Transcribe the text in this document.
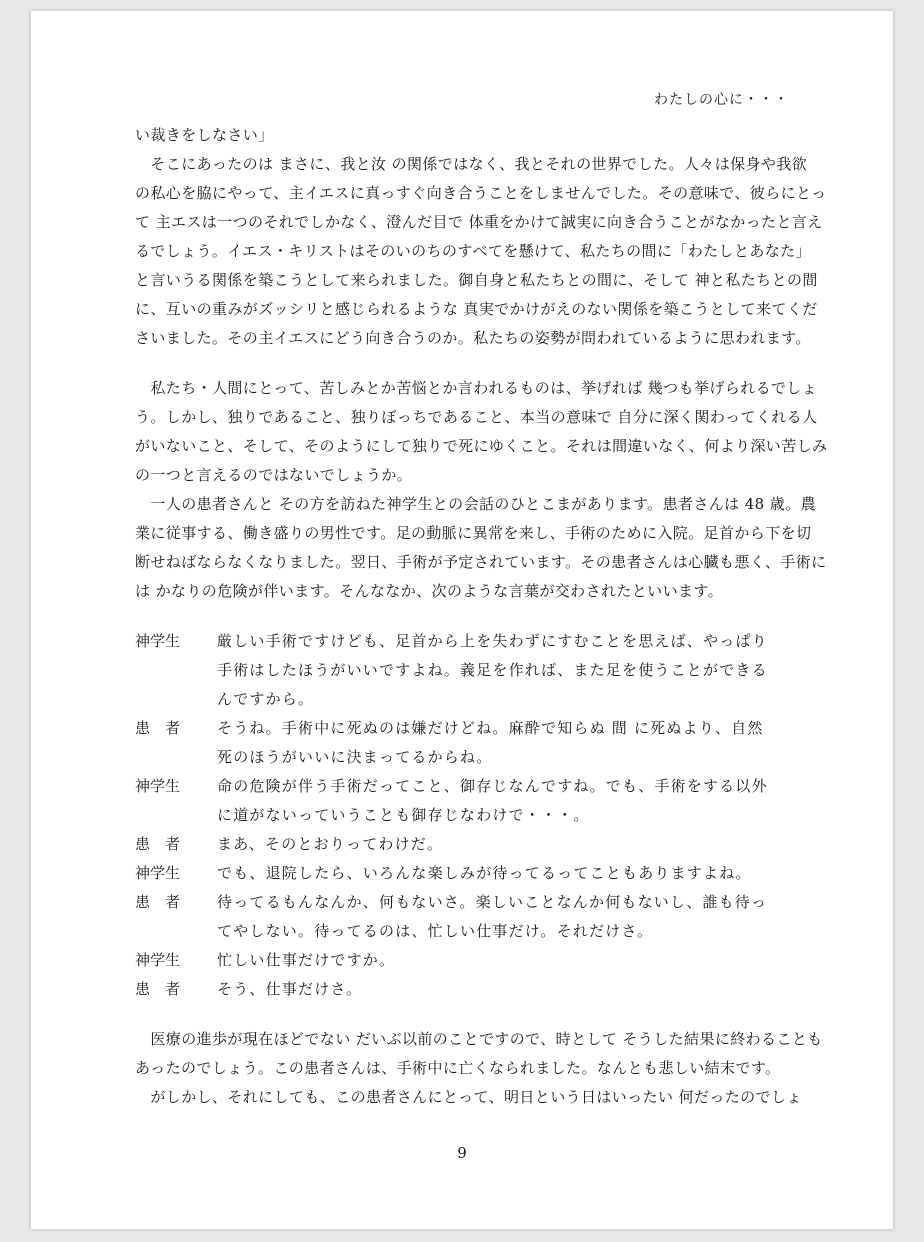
わたしの心に・・・
い裁きをしなさい」
　そこにあったのは まさに、我と汝 の関係ではなく、我とそれの世界でした。人々は保身や我欲
の私心を脇にやって、主イエスに真っすぐ向き合うことをしませんでした。その意味で、彼らにとっ
て 主エスは一つのそれでしかなく、澄んだ目で 体重をかけて誠実に向き合うことがなかったと言え
るでしょう。イエス・キリストはそのいのちのすべてを懸けて、私たちの間に「わたしとあなた」
と言いうる関係を築こうとして来られました。御自身と私たちとの間に、そして 神と私たちとの間
に、互いの重みがズッシリと感じられるような 真実でかけがえのない関係を築こうとして来てくだ
さいました。その主イエスにどう向き合うのか。私たちの姿勢が問われているように思われます。
　私たち・人間にとって、苦しみとか苦悩とか言われるものは、挙げれば 幾つも挙げられるでしょ
う。しかし、独りであること、独りぼっちであること、本当の意味で 自分に深く関わってくれる人
がいないこと、そして、そのようにして独りで死にゆくこと。それは間違いなく、何より深い苦しみ
の一つと言えるのではないでしょうか。
　一人の患者さんと その方を訪ねた神学生との会話のひとこまがあります。患者さんは 48 歳。農
業に従事する、働き盛りの男性です。足の動脈に異常を来し、手術のために入院。足首から下を切
断せねばならなくなりました。翌日、手術が予定されています。その患者さんは心臓も悪く、手術に
は かなりの危険が伴います。そんななか、次のような言葉が交わされたといいます。
神学生	厳しい手術ですけども、足首から上を失わずにすむことを思えば、やっぱり
手術はしたほうがいいですよね。義足を作れば、また足を使うことができる
んですから。
患　者	そうね。手術中に死ぬのは嫌だけどね。麻酔で知らぬ 間 に死ぬより、自然
死のほうがいいに決まってるからね。
神学生	命の危険が伴う手術だってこと、御存じなんですね。でも、手術をする以外
に道がないっていうことも御存じなわけで・・・。
患　者	まあ、そのとおりってわけだ。
神学生	でも、退院したら、いろんな楽しみが待ってるってこともありますよね。
患　者	待ってるもんなんか、何もないさ。楽しいことなんか何もないし、誰も待っ
てやしない。待ってるのは、忙しい仕事だけ。それだけさ。
神学生	忙しい仕事だけですか。
患　者	そう、仕事だけさ。
　医療の進歩が現在ほどでない だいぶ以前のことですので、時として そうした結果に終わることも
あったのでしょう。この患者さんは、手術中に亡くなられました。なんとも悲しい結末です。
　がしかし、それにしても、この患者さんにとって、明日という日はいったい 何だったのでしょ
9
